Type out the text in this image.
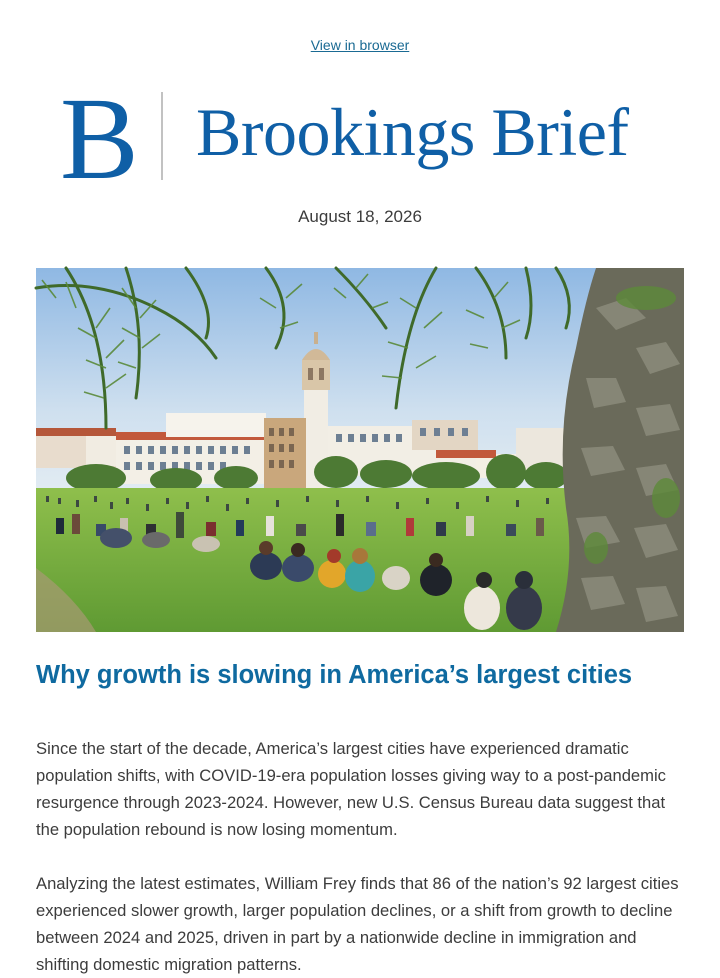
View in browser
B Brookings Brief
August 18, 2026
Why growth is slowing in America’s largest cities

Since the start of the decade, America’s largest cities have experienced dramatic population shifts, with COVID-19-era population losses giving way to a post-pandemic resurgence through 2023-2024. However, new U.S. Census Bureau data suggest that the population rebound is now losing momentum.

Analyzing the latest estimates, William Frey finds that 86 of the nation’s 92 largest cities experienced slower growth, larger population declines, or a shift from growth to decline between 2024 and 2025, driven in part by a nationwide decline in immigration and shifting domestic migration patterns.
